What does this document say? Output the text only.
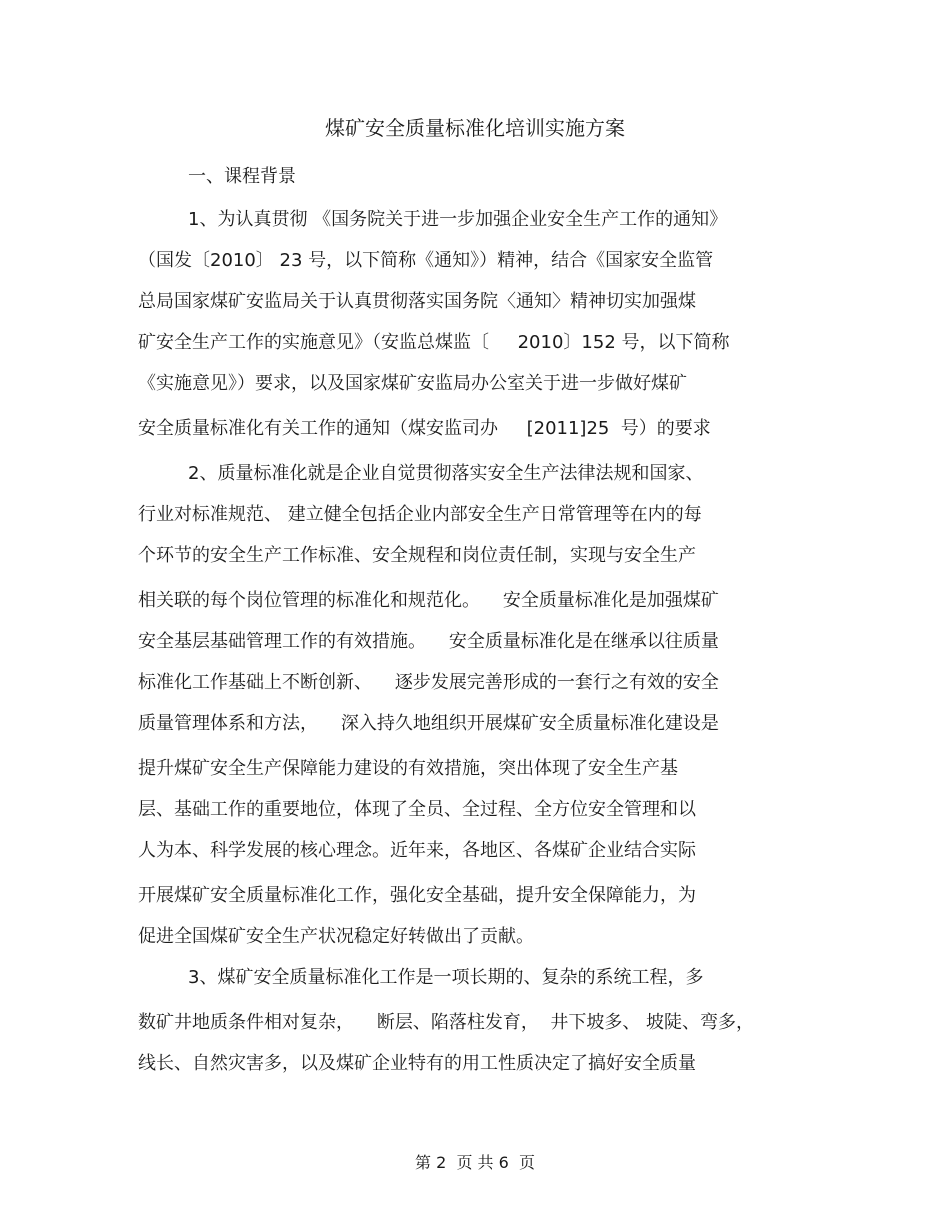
煤矿安全质量标准化培训实施方案
一、课程背景
1、为认真贯彻 《国务院关于进一步加强企业安全生产工作的通知》
（国发〔2010〕 23 号，以下简称《通知》）精神，结合《国家安全监管
总局国家煤矿安监局关于认真贯彻落实国务院〈通知〉精神切实加强煤
矿安全生产工作的实施意见》（安监总煤监〔     2010〕152 号，以下简称
《实施意见》）要求，以及国家煤矿安监局办公室关于进一步做好煤矿
安全质量标准化有关工作的通知（煤安监司办     [2011]25  号）的要求
2、质量标准化就是企业自觉贯彻落实安全生产法律法规和国家、
行业对标准规范、 建立健全包括企业内部安全生产日常管理等在内的每
个环节的安全生产工作标准、安全规程和岗位责任制，实现与安全生产
相关联的每个岗位管理的标准化和规范化。    安全质量标准化是加强煤矿
安全基层基础管理工作的有效措施。    安全质量标准化是在继承以往质量
标准化工作基础上不断创新、    逐步发展完善形成的一套行之有效的安全
质量管理体系和方法，    深入持久地组织开展煤矿安全质量标准化建设是
提升煤矿安全生产保障能力建设的有效措施，突出体现了安全生产基
层、基础工作的重要地位，体现了全员、全过程、全方位安全管理和以
人为本、科学发展的核心理念。近年来，各地区、各煤矿企业结合实际
开展煤矿安全质量标准化工作，强化安全基础，提升安全保障能力，为
促进全国煤矿安全生产状况稳定好转做出了贡献。
3、煤矿安全质量标准化工作是一项长期的、复杂的系统工程，多
数矿井地质条件相对复杂，    断层、陷落柱发育，  井下坡多、 坡陡、弯多，
线长、自然灾害多，以及煤矿企业特有的用工性质决定了搞好安全质量
第 2  页 共 6  页
